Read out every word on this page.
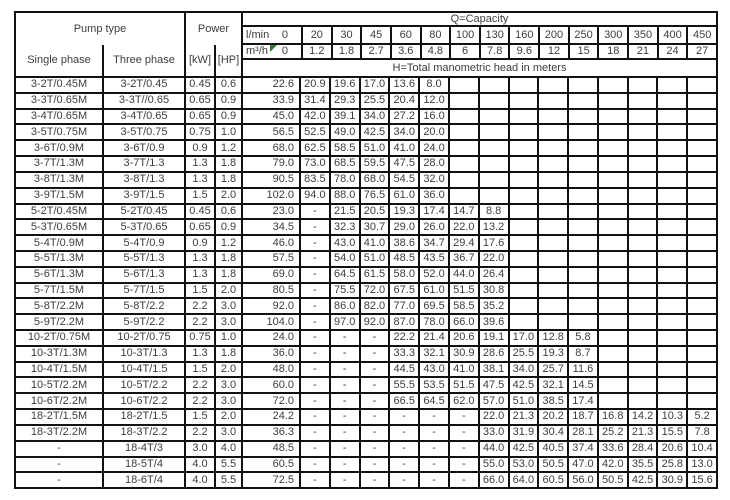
Pump type
Single phase	Three phase
Power
[kW] [HP]
Q=Capacity
l/min 0	20	30	45	60	80	100	130	160	200	250	300	350	400	450
m³/h 0	1.2	1.8	2.7	3.6	4.8	6	7.8	9.6	12	15	18	21	24	27
H=Total manometric head in meters
3-2T/0.45M	3-2T/0.45	0.45 0.6	22.6 20.9 19.6 17.0 13.6	8.0
3-3T/0.65M	3-3T//0.65	0.65 0.9	33.9 31.4 29.3 25.5 20.4 12.0
3-4T/0.65M	3-4T/0.65	0.65 0.9	45.0 42.0 39.1 34.0 27.2 16.0
3-5T/0.75M	3-5T/0.75	0.75 1.0	56.5 52.5 49.0 42.5 34.0 20.0
3-6T/0.9M	3-6T/0.9	0.9	1.2	68.0 62.5 58.5 51.0 41.0 24.0
3-7T/1.3M	3-7T/1.3	1.3	1.8	79.0 73.0 68.5 59.5 47.5 28.0
3-8T/1.3M	3-8T/1.3	1.3	1.8	90.5 83.5 78.0 68.0 54.5 32.0
3-9T/1.5M	3-9T/1.5	1.5	2.0	102.0 94.0 88.0 76.5 61.0 36.0
5-2T/0.45M	5-2T/0.45	0.45 0.6	23.0	-	21.5 20.5 19.3 17.4 14.7	8.8
5-3T/0.65M	5-3T/0.65	0.65 0.9	34.5	-	32.3 30.7 29.0 26.0 22.0 13.2
5-4T/0.9M	5-4T/0.9	0.9	1.2	46.0	-	43.0 41.0 38.6 34.7 29.4 17.6
5-5T/1.3M	5-5T/1.3	1.3	1.8	57.5	-	54.0 51.0 48.5 43.5 36.7 22.0
5-6T/1.3M	5-6T/1.3	1.3	1.8	69.0	-	64.5 61.5 58.0 52.0 44.0 26.4
5-7T/1.5M	5-7T/1.5	1.5	2.0	80.5	-	75.5 72.0 67.5 61.0 51.5 30.8
5-8T/2.2M	5-8T/2.2	2.2	3.0	92.0	-	86.0 82.0 77.0 69.5 58.5 35.2
5-9T/2.2M	5-9T/2.2	2.2	3.0	104.0	-	97.0 92.0 87.0 78.0 66.0 39.6
10-2T/0.75M	10-2T/0.75	0.75 1.0	24.0	-	-	-	22.2 21.4 20.6 19.1 17.0 12.8	5.8
10-3T/1.3M	10-3T/1.3	1.3	1.8	36.0	-	-	-	33.3 32.1 30.9 28.6 25.5 19.3	8.7
10-4T/1.5M	10-4T/1.5	1.5	2.0	48.0	-	-	-	44.5 43.0 41.0 38.1 34.0 25.7 11.6
10-5T/2.2M	10-5T/2.2	2.2	3.0	60.0	-	-	-	55.5 53.5 51.5 47.5 42.5 32.1 14.5
10-6T/2.2M	10-6T/2.2	2.2	3.0	72.0	-	-	-	66.5 64.5 62.0 57.0 51.0 38.5 17.4
18-2T/1.5M	18-2T/1.5	1.5	2.0	24.2	-	-	-	-	-	-	22.0 21.3 20.2 18.7 16.8 14.2 10.3	5.2
18-3T/2.2M	18-3T/2.2	2.2	3.0	36.3	-	-	-	-	-	-	33.0 31.9 30.4 28.1 25.2 21.3 15.5	7.8
-	18-4T/3	3.0	4.0	48.5	-	-	-	-	-	-	44.0 42.5 40.5 37.4 33.6 28.4 20.6 10.4
-	18-5T/4	4.0	5.5	60.5	-	-	-	-	-	-	55.0 53.0 50.5 47.0 42.0 35.5 25.8 13.0
-	18-6T/4	4.0	5.5	72.5	-	-	-	-	-	-	66.0 64.0 60.5 56.0 50.5 42.5 30.9 15.6
